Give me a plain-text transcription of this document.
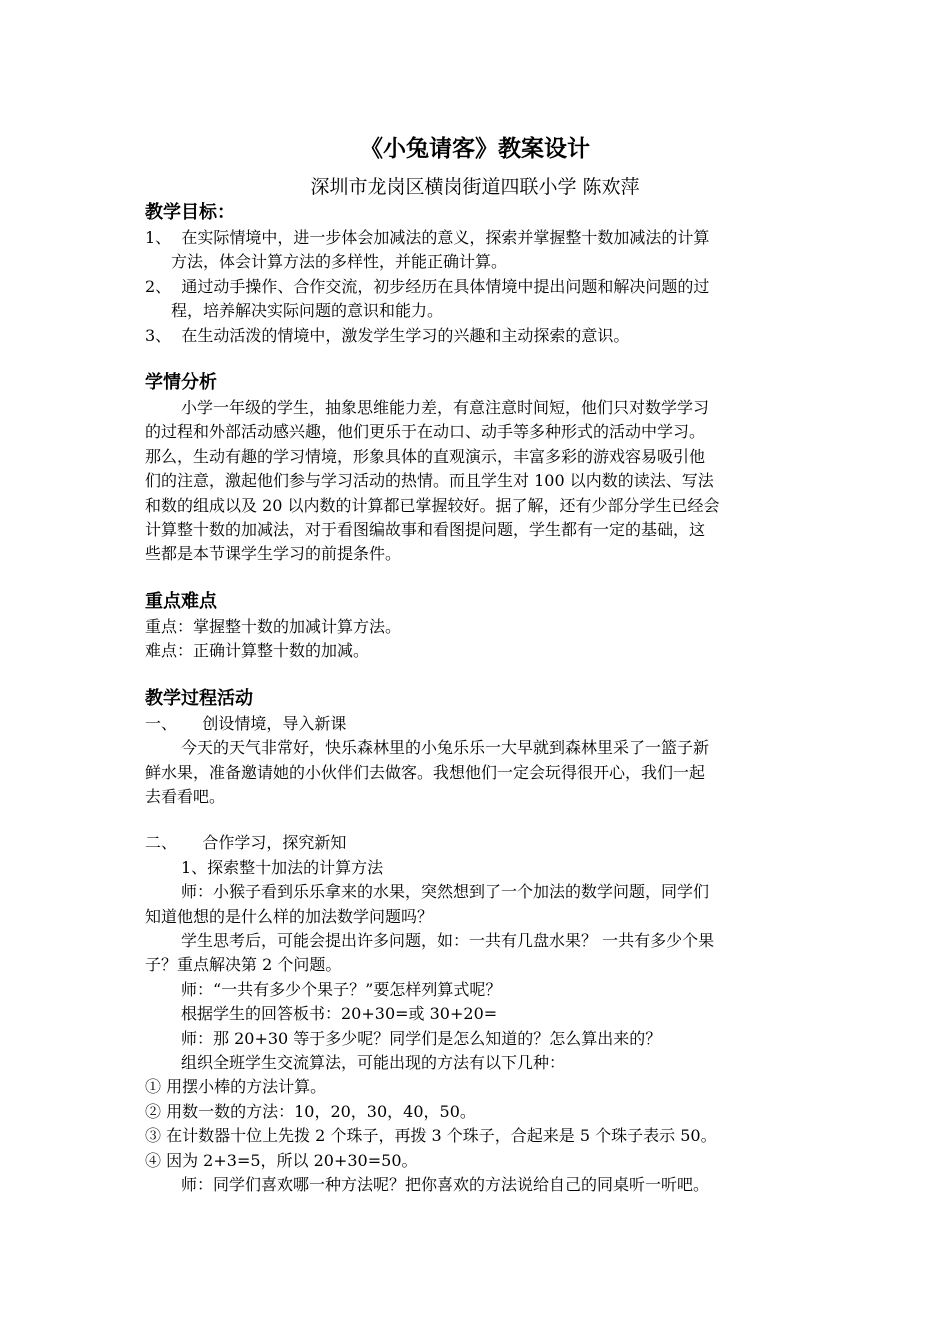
《小兔请客》教案设计
深圳市龙岗区横岗街道四联小学 陈欢萍

教学目标：

1、  在实际情境中，进一步体会加减法的意义，探索并掌握整十数加减法的计算

方法，体会计算方法的多样性，并能正确计算。

2、  通过动手操作、合作交流，初步经历在具体情境中提出问题和解决问题的过

程，培养解决实际问题的意识和能力。

3、  在生动活泼的情境中，激发学生学习的兴趣和主动探索的意识。

学情分析

小学一年级的学生，抽象思维能力差，有意注意时间短，他们只对数学学习

的过程和外部活动感兴趣，他们更乐于在动口、动手等多种形式的活动中学习。

那么，生动有趣的学习情境，形象具体的直观演示，丰富多彩的游戏容易吸引他

们的注意，激起他们参与学习活动的热情。而且学生对 100 以内数的读法、写法

和数的组成以及 20 以内数的计算都已掌握较好。据了解，还有少部分学生已经会

计算整十数的加减法，对于看图编故事和看图提问题，学生都有一定的基础，这

些都是本节课学生学习的前提条件。

重点难点

重点：掌握整十数的加减计算方法。

难点：正确计算整十数的加减。

教学过程活动

一、     创设情境，导入新课

今天的天气非常好，快乐森林里的小兔乐乐一大早就到森林里采了一篮子新

鲜水果，准备邀请她的小伙伴们去做客。我想他们一定会玩得很开心，我们一起

去看看吧。

二、     合作学习，探究新知

1、探索整十加法的计算方法

师：小猴子看到乐乐拿来的水果，突然想到了一个加法的数学问题，同学们

知道他想的是什么样的加法数学问题吗？

学生思考后，可能会提出许多问题，如：一共有几盘水果？ 一共有多少个果

子？重点解决第 2 个问题。

师：“一共有多少个果子？”要怎样列算式呢？

根据学生的回答板书：20+30=或 30+20=

师：那 20+30 等于多少呢？同学们是怎么知道的？怎么算出来的？

组织全班学生交流算法，可能出现的方法有以下几种：

① 用摆小棒的方法计算。

② 用数一数的方法：10，20，30，40，50。

③ 在计数器十位上先拨 2 个珠子，再拨 3 个珠子，合起来是 5 个珠子表示 50。

④ 因为 2+3=5，所以 20+30=50。

师：同学们喜欢哪一种方法呢？把你喜欢的方法说给自己的同桌听一听吧。
